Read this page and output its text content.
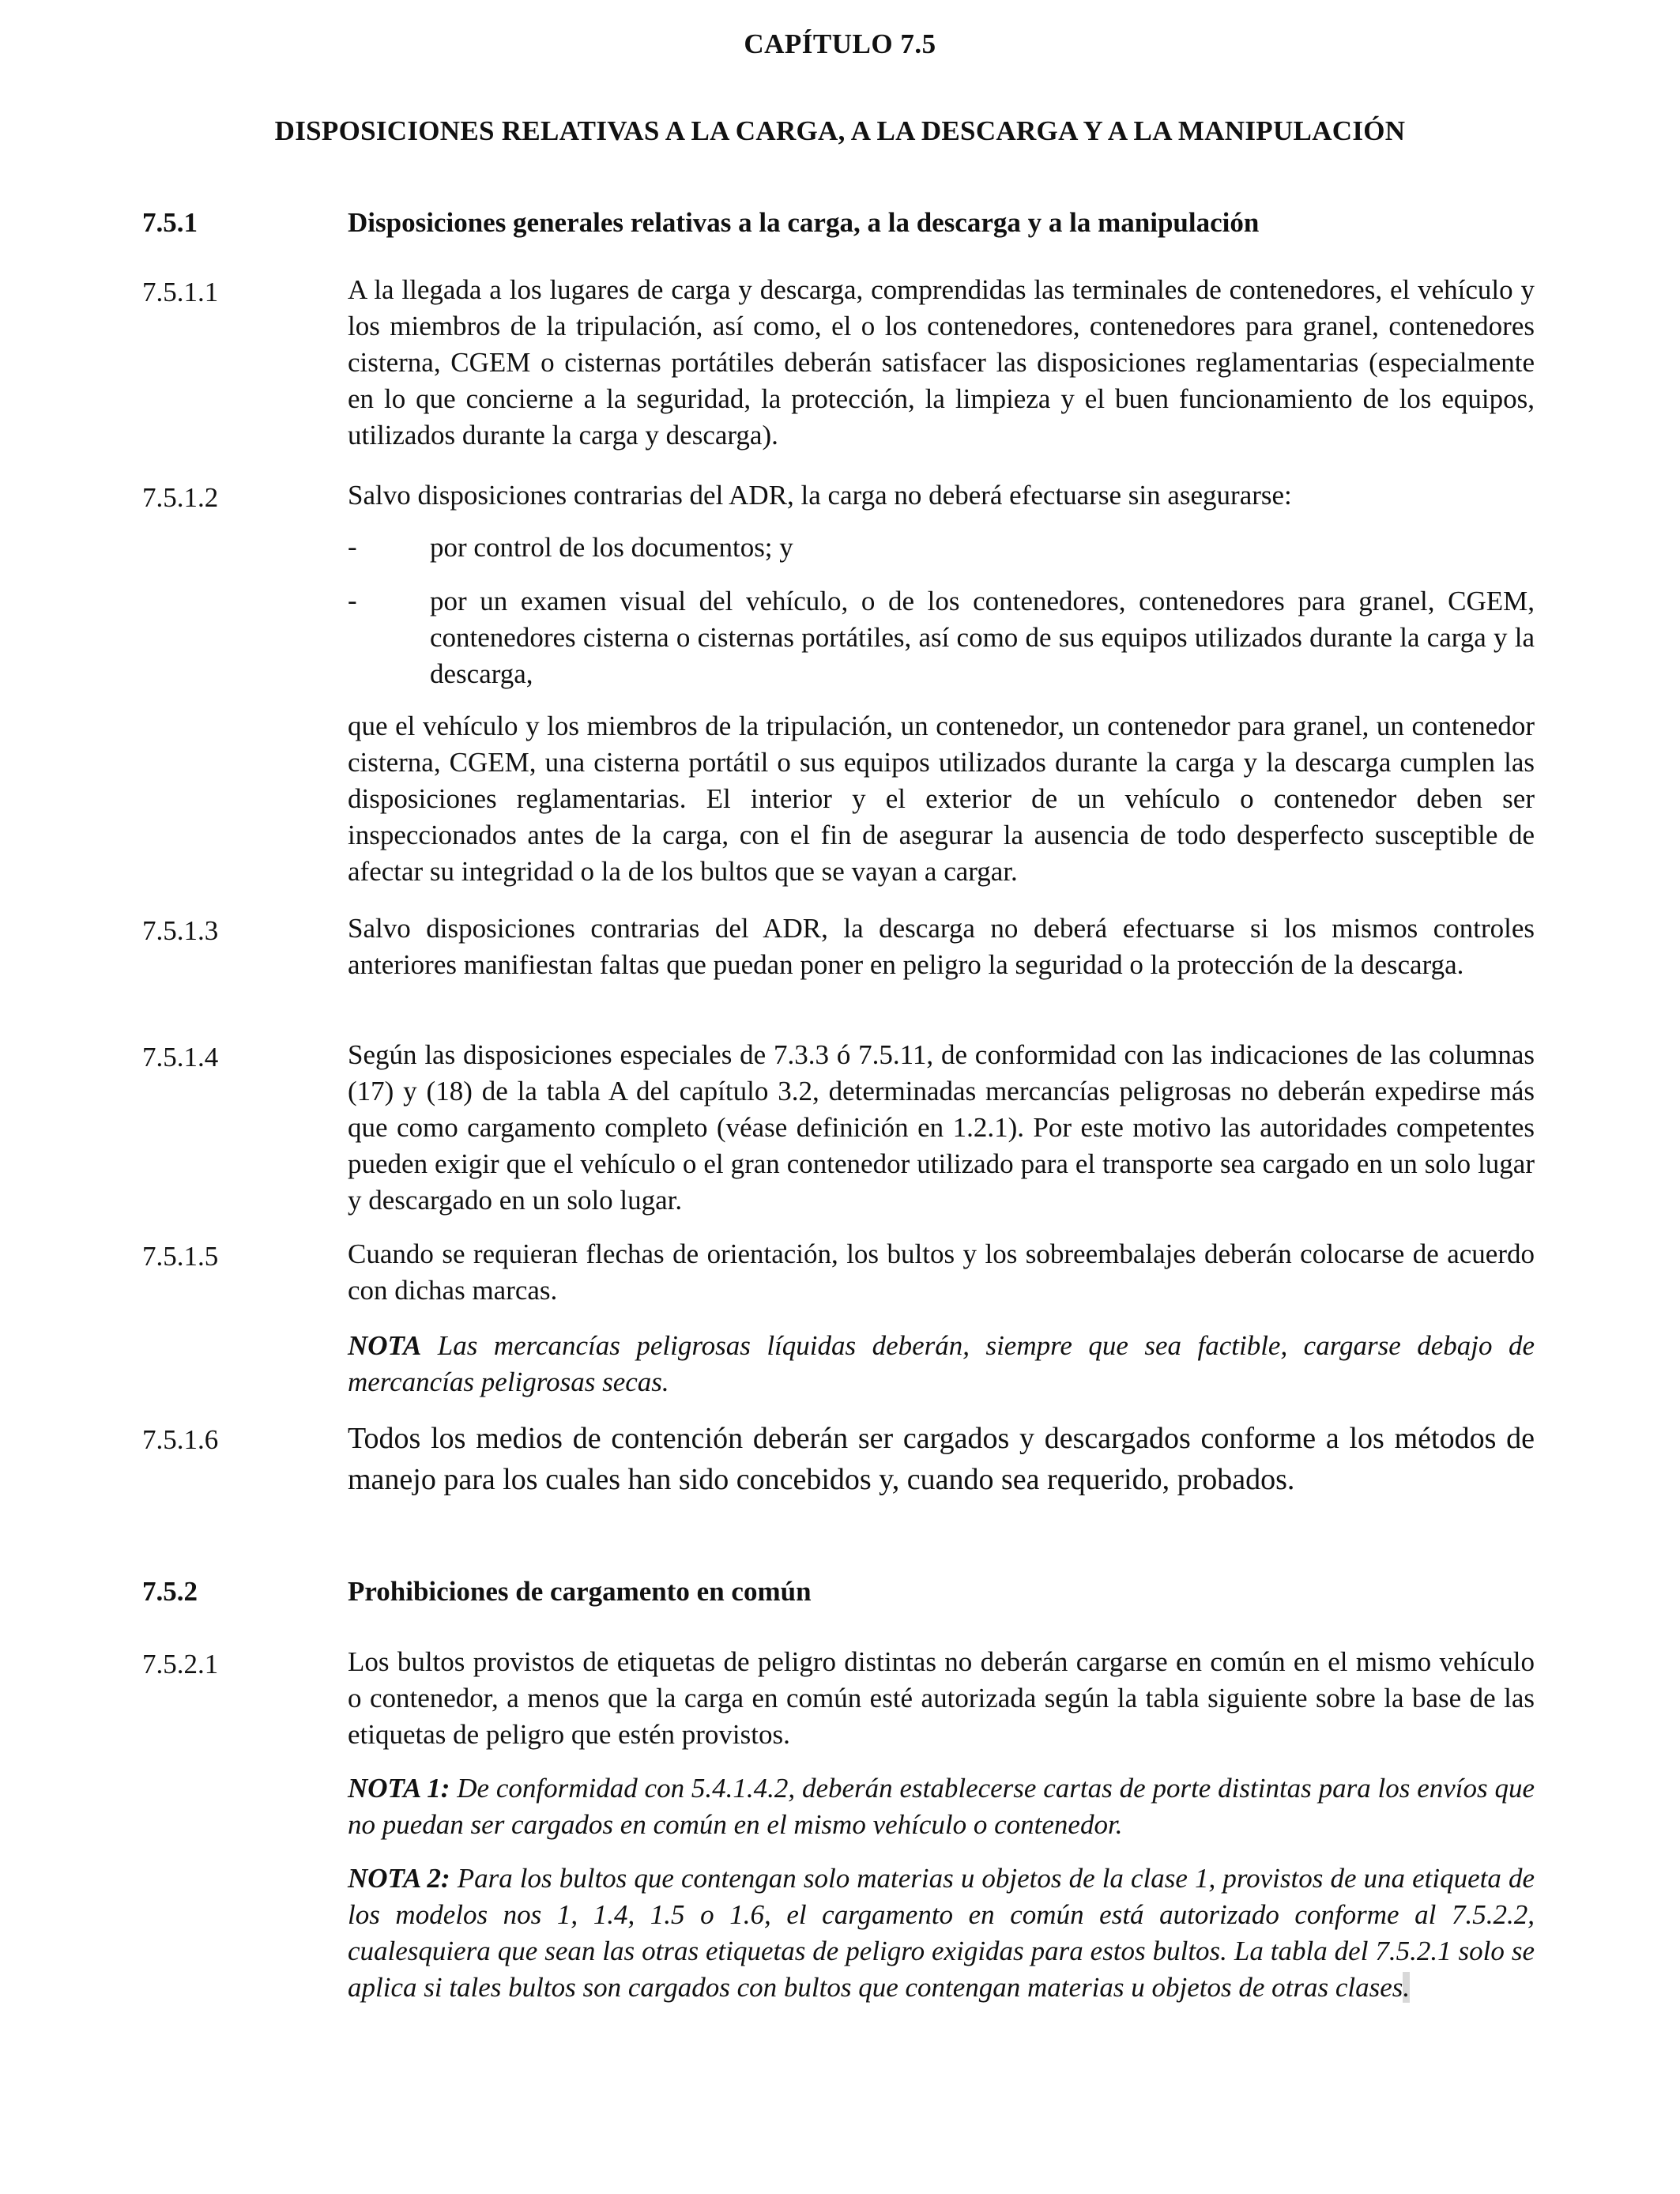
CAPÍTULO 7.5
DISPOSICIONES RELATIVAS A LA CARGA, A LA DESCARGA Y A LA MANIPULACIÓN
7.5.1	Disposiciones generales relativas a la carga, a la descarga y a la manipulación
7.5.1.1	A la llegada a los lugares de carga y descarga, comprendidas las terminales de contenedores, el vehículo y los miembros de la tripulación, así como, el o los contenedores, contenedores para granel, contenedores cisterna, CGEM o cisternas portátiles deberán satisfacer las disposiciones reglamentarias (especialmente en lo que concierne a la seguridad, la protección, la limpieza y el buen funcionamiento de los equipos, utilizados durante la carga y descarga).
7.5.1.2	Salvo disposiciones contrarias del ADR, la carga no deberá efectuarse sin asegurarse:
-	por control de los documentos; y
-	por un examen visual del vehículo, o de los contenedores, contenedores para granel, CGEM, contenedores cisterna o cisternas portátiles, así como de sus equipos utilizados durante la carga y la descarga,
que el vehículo y los miembros de la tripulación, un contenedor, un contenedor para granel, un contenedor cisterna, CGEM, una cisterna portátil o sus equipos utilizados durante la carga y la descarga cumplen las disposiciones reglamentarias. El interior y el exterior de un vehículo o contenedor deben ser inspeccionados antes de la carga, con el fin de asegurar la ausencia de todo desperfecto susceptible de afectar su integridad o la de los bultos que se vayan a cargar.
7.5.1.3	Salvo disposiciones contrarias del ADR, la descarga no deberá efectuarse si los mismos controles anteriores manifiestan faltas que puedan poner en peligro la seguridad o la protección de la descarga.
7.5.1.4	Según las disposiciones especiales de 7.3.3 ó 7.5.11, de conformidad con las indicaciones de las columnas (17) y (18) de la tabla A del capítulo 3.2, determinadas mercancías peligrosas no deberán expedirse más que como cargamento completo (véase definición en 1.2.1). Por este motivo las autoridades competentes pueden exigir que el vehículo o el gran contenedor utilizado para el transporte sea cargado en un solo lugar y descargado en un solo lugar.
7.5.1.5	Cuando se requieran flechas de orientación, los bultos y los sobreembalajes deberán colocarse de acuerdo con dichas marcas.
NOTA Las mercancías peligrosas líquidas deberán, siempre que sea factible, cargarse debajo de mercancías peligrosas secas.
7.5.1.6	Todos los medios de contención deberán ser cargados y descargados conforme a los métodos de manejo para los cuales han sido concebidos y, cuando sea requerido, probados.
7.5.2	Prohibiciones de cargamento en común
7.5.2.1	Los bultos provistos de etiquetas de peligro distintas no deberán cargarse en común en el mismo vehículo o contenedor, a menos que la carga en común esté autorizada según la tabla siguiente sobre la base de las etiquetas de peligro que estén provistos.
NOTA 1: De conformidad con 5.4.1.4.2, deberán establecerse cartas de porte distintas para los envíos que no puedan ser cargados en común en el mismo vehículo o contenedor.
NOTA 2: Para los bultos que contengan solo materias u objetos de la clase 1, provistos de una etiqueta de los modelos nos 1, 1.4, 1.5 o 1.6, el cargamento en común está autorizado conforme al 7.5.2.2, cualesquiera que sean las otras etiquetas de peligro exigidas para estos bultos. La tabla del 7.5.2.1 solo se aplica si tales bultos son cargados con bultos que contengan materias u objetos de otras clases.
